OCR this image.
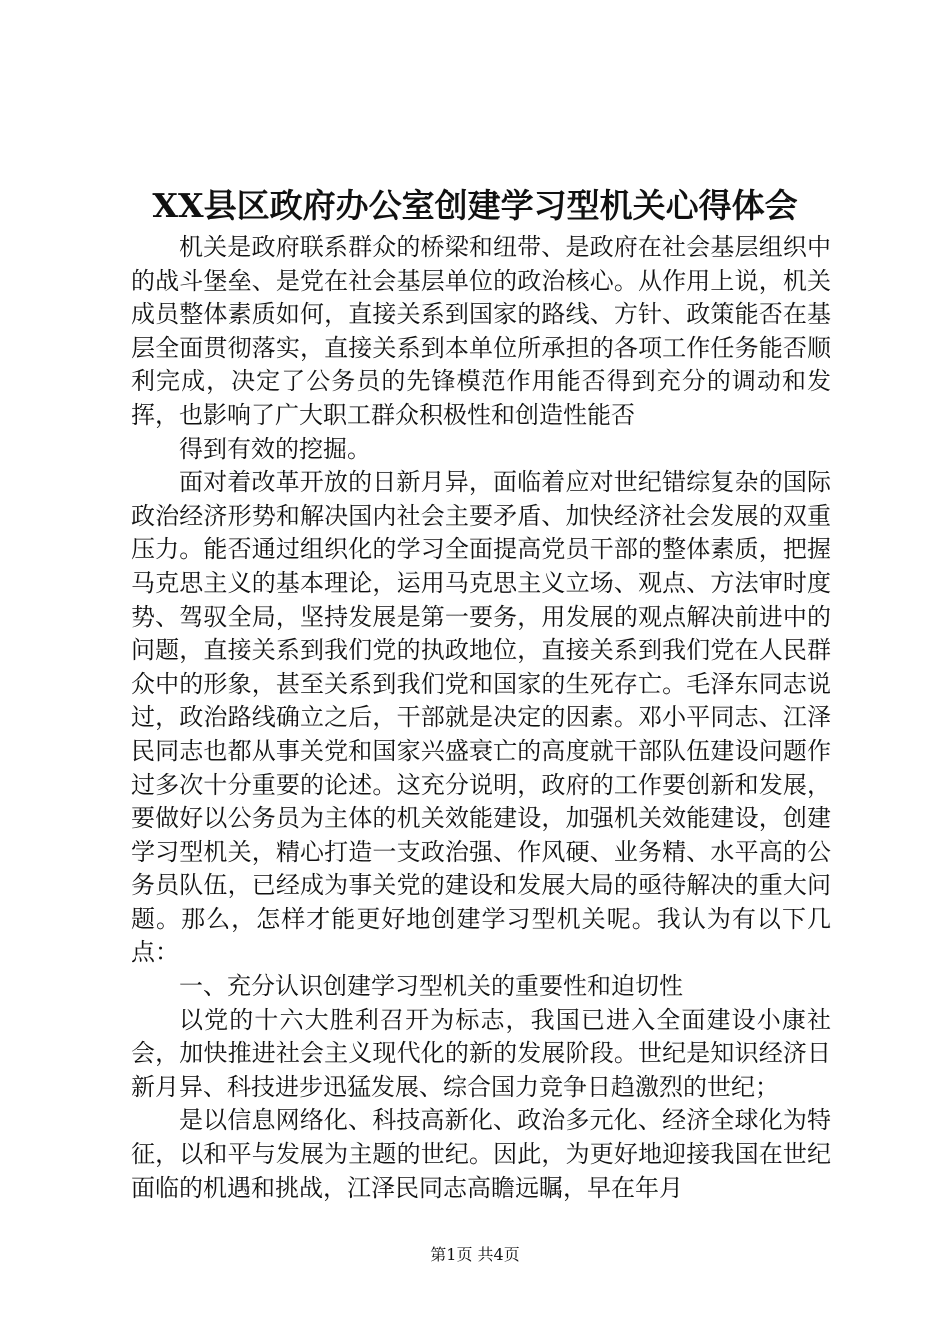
XX县区政府办公室创建学习型机关心得体会

机关是政府联系群众的桥梁和纽带、是政府在社会基层组织中的战斗堡垒、是党在社会基层单位的政治核心。从作用上说，机关成员整体素质如何，直接关系到国家的路线、方针、政策能否在基层全面贯彻落实，直接关系到本单位所承担的各项工作任务能否顺利完成，决定了公务员的先锋模范作用能否得到充分的调动和发挥，也影响了广大职工群众积极性和创造性能否

得到有效的挖掘。

面对着改革开放的日新月异，面临着应对世纪错综复杂的国际政治经济形势和解决国内社会主要矛盾、加快经济社会发展的双重压力。能否通过组织化的学习全面提高党员干部的整体素质，把握马克思主义的基本理论，运用马克思主义立场、观点、方法审时度势、驾驭全局，坚持发展是第一要务，用发展的观点解决前进中的问题，直接关系到我们党的执政地位，直接关系到我们党在人民群众中的形象，甚至关系到我们党和国家的生死存亡。毛泽东同志说过，政治路线确立之后，干部就是决定的因素。邓小平同志、江泽民同志也都从事关党和国家兴盛衰亡的高度就干部队伍建设问题作过多次十分重要的论述。这充分说明，政府的工作要创新和发展，要做好以公务员为主体的机关效能建设，加强机关效能建设，创建学习型机关，精心打造一支政治强、作风硬、业务精、水平高的公务员队伍，已经成为事关党的建设和发展大局的亟待解决的重大问题。那么，怎样才能更好地创建学习型机关呢。我认为有以下几点：

一、充分认识创建学习型机关的重要性和迫切性

以党的十六大胜利召开为标志，我国已进入全面建设小康社会，加快推进社会主义现代化的新的发展阶段。世纪是知识经济日新月异、科技进步迅猛发展、综合国力竞争日趋激烈的世纪；

是以信息网络化、科技高新化、政治多元化、经济全球化为特征，以和平与发展为主题的世纪。因此，为更好地迎接我国在世纪面临的机遇和挑战，江泽民同志高瞻远瞩，早在年月

第1页 共4页
